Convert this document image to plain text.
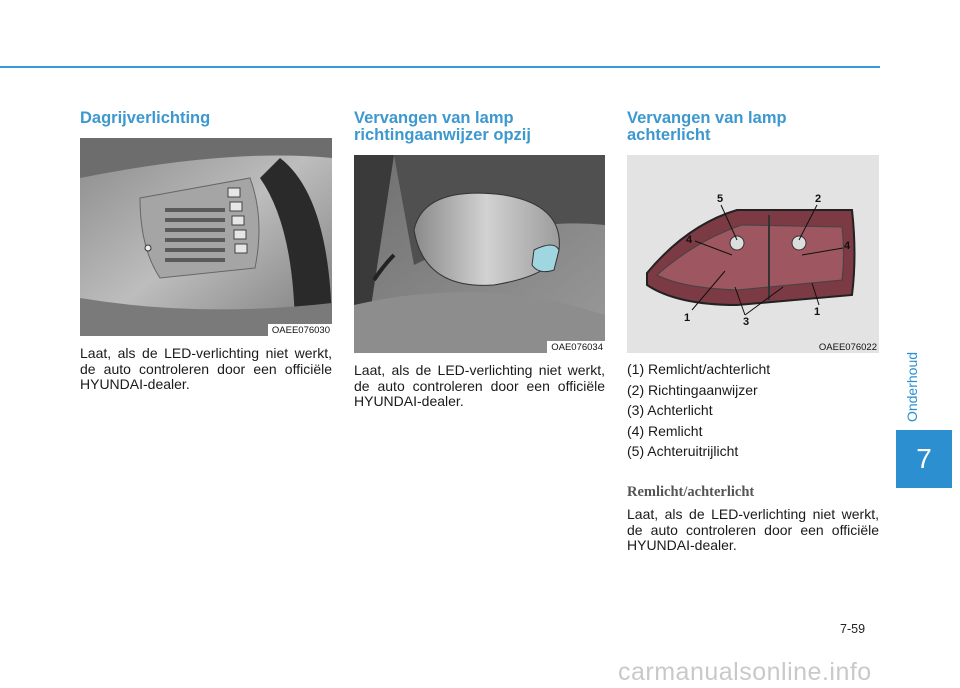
Dagrijverlichting
OAEE076030
Laat, als de LED-verlichting niet werkt, de auto controleren door een officiële HYUNDAI-dealer.
Vervangen van lamp
richtingaanwijzer opzij
OAE076034
Laat, als de LED-verlichting niet werkt, de auto controleren door een officiële HYUNDAI-dealer.
Vervangen van lamp
achterlicht
5	2
4	4
1	3
1
OAEE076022
(1) Remlicht/achterlicht
(2) Richtingaanwijzer
(3) Achterlicht
(4) Remlicht
(5) Achteruitrijlicht
Remlicht/achterlicht
Laat, als de LED-verlichting niet werkt, de auto controleren door een officiële HYUNDAI-dealer.
Onderhoud
7
7-59
carmanualsonline.info
